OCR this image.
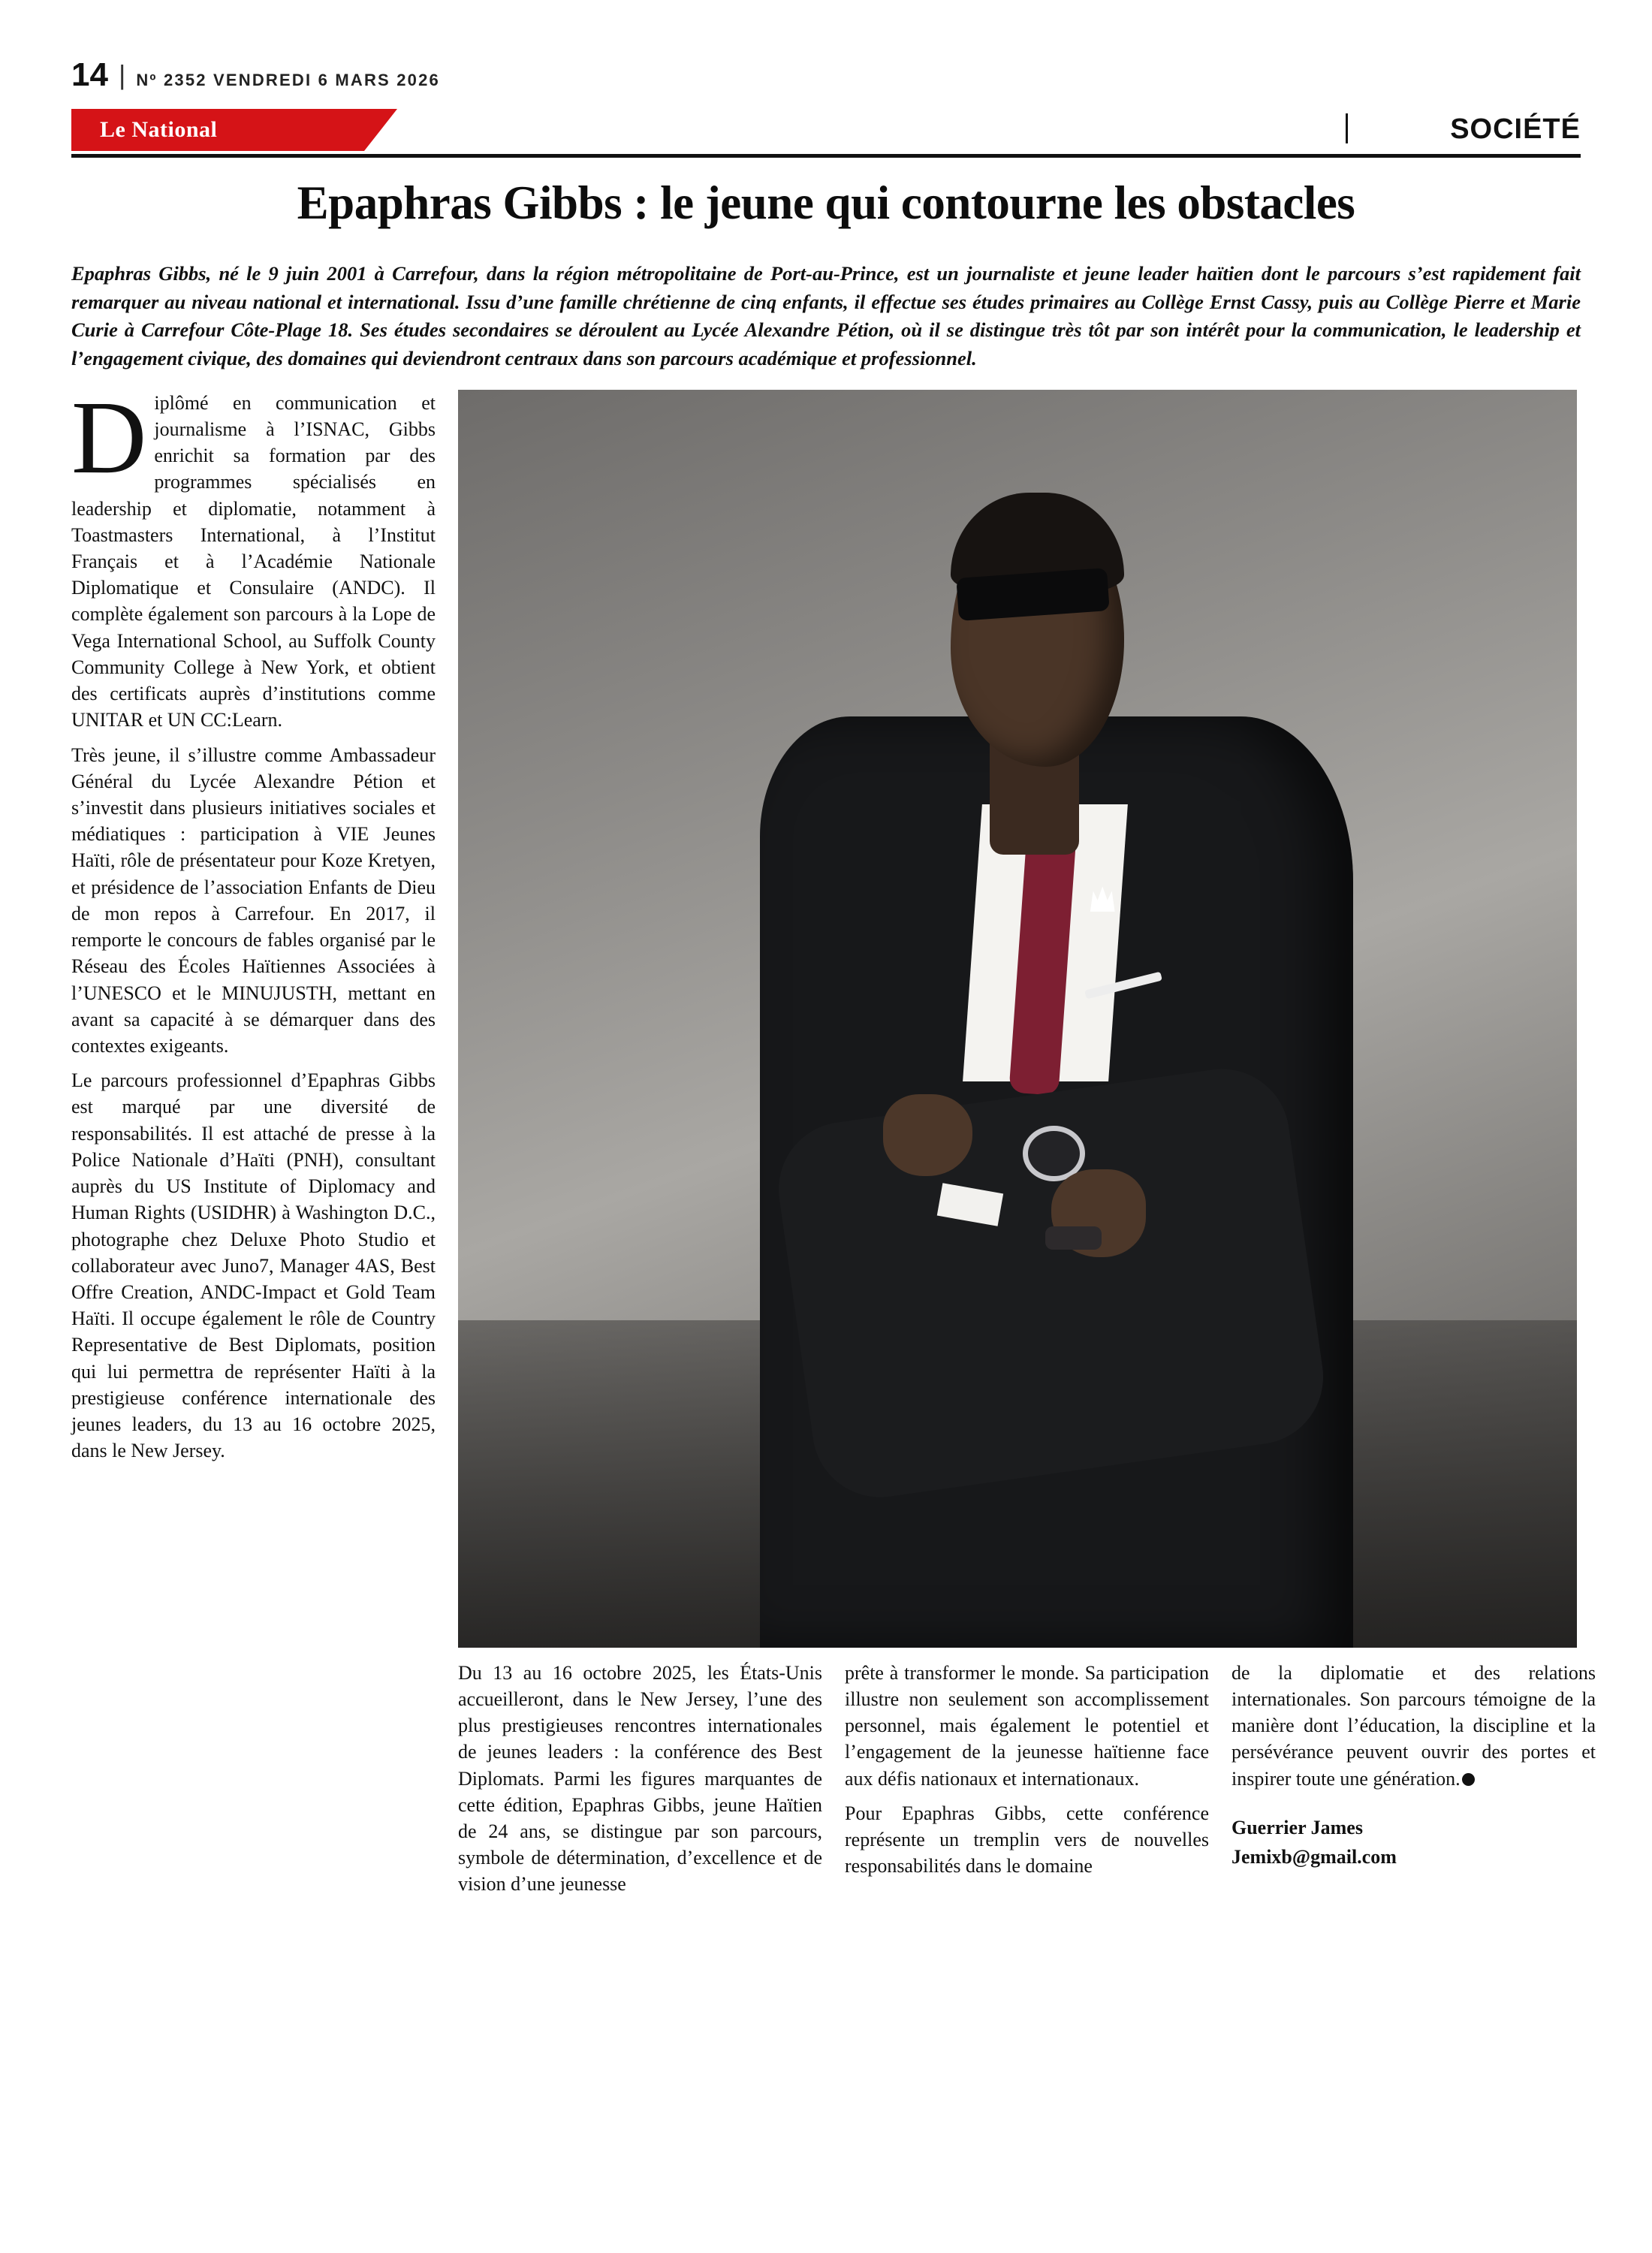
14 | Nº 2352 VENDREDI 6 MARS 2026
Le National	SOCIÉTÉ
Epaphras Gibbs : le jeune qui contourne les obstacles
Epaphras Gibbs, né le 9 juin 2001 à Carrefour, dans la région métropolitaine de Port-au-Prince, est un journaliste et jeune leader haïtien dont le parcours s’est rapidement fait remarquer au niveau national et international. Issu d’une famille chrétienne de cinq enfants, il effectue ses études primaires au Collège Ernst Cassy, puis au Collège Pierre et Marie Curie à Carrefour Côte-Plage 18. Ses études secondaires se déroulent au Lycée Alexandre Pétion, où il se distingue très tôt par son intérêt pour la communication, le leadership et l’engagement civique, des domaines qui deviendront centraux dans son parcours académique et professionnel.

Diplômé en communication et journalisme à l’ISNAC, Gibbs enrichit sa formation par des programmes spécialisés en leadership et diplomatie, notamment à Toastmasters International, à l’Institut Français et à l’Académie Nationale Diplomatique et Consulaire (ANDC). Il complète également son parcours à la Lope de Vega International School, au Suffolk County Community College à New York, et obtient des certificats auprès d’institutions comme UNITAR et UN CC:Learn.

Très jeune, il s’illustre comme Ambassadeur Général du Lycée Alexandre Pétion et s’investit dans plusieurs initiatives sociales et médiatiques : participation à VIE Jeunes Haïti, rôle de présentateur pour Koze Kretyen, et présidence de l’association Enfants de Dieu de mon repos à Carrefour. En 2017, il remporte le concours de fables organisé par le Réseau des Écoles Haïtiennes Associées à l’UNESCO et le MINUJUSTH, mettant en avant sa capacité à se démarquer dans des contextes exigeants.

Le parcours professionnel d’Epaphras Gibbs est marqué par une diversité de responsabilités. Il est attaché de presse à la Police Nationale d’Haïti (PNH), consultant auprès du US Institute of Diplomacy and Human Rights (USIDHR) à Washington D.C., photographe chez Deluxe Photo Studio et collaborateur avec Juno7, Manager 4AS, Best Offre Creation, ANDC-Impact et Gold Team Haïti. Il occupe également le rôle de Country Representative de Best Diplomats, position qui lui permettra de représenter Haïti à la prestigieuse conférence internationale des jeunes leaders, du 13 au 16 octobre 2025, dans le New Jersey.

Du 13 au 16 octobre 2025, les États-Unis accueilleront, dans le New Jersey, l’une des plus prestigieuses rencontres internationales de jeunes leaders : la conférence des Best Diplomats. Parmi les figures marquantes de cette édition, Epaphras Gibbs, jeune Haïtien de 24 ans, se distingue par son parcours, symbole de détermination, d’excellence et de vision d’une jeunesse

prête à transformer le monde. Sa participation illustre non seulement son accomplissement personnel, mais également le potentiel et l’engagement de la jeunesse haïtienne face aux défis nationaux et internationaux.

Pour Epaphras Gibbs, cette conférence représente un tremplin vers de nouvelles responsabilités dans le domaine

de la diplomatie et des relations internationales. Son parcours témoigne de la manière dont l’éducation, la discipline et la persévérance peuvent ouvrir des portes et inspirer toute une génération.

Guerrier James
Jemixb@gmail.com
